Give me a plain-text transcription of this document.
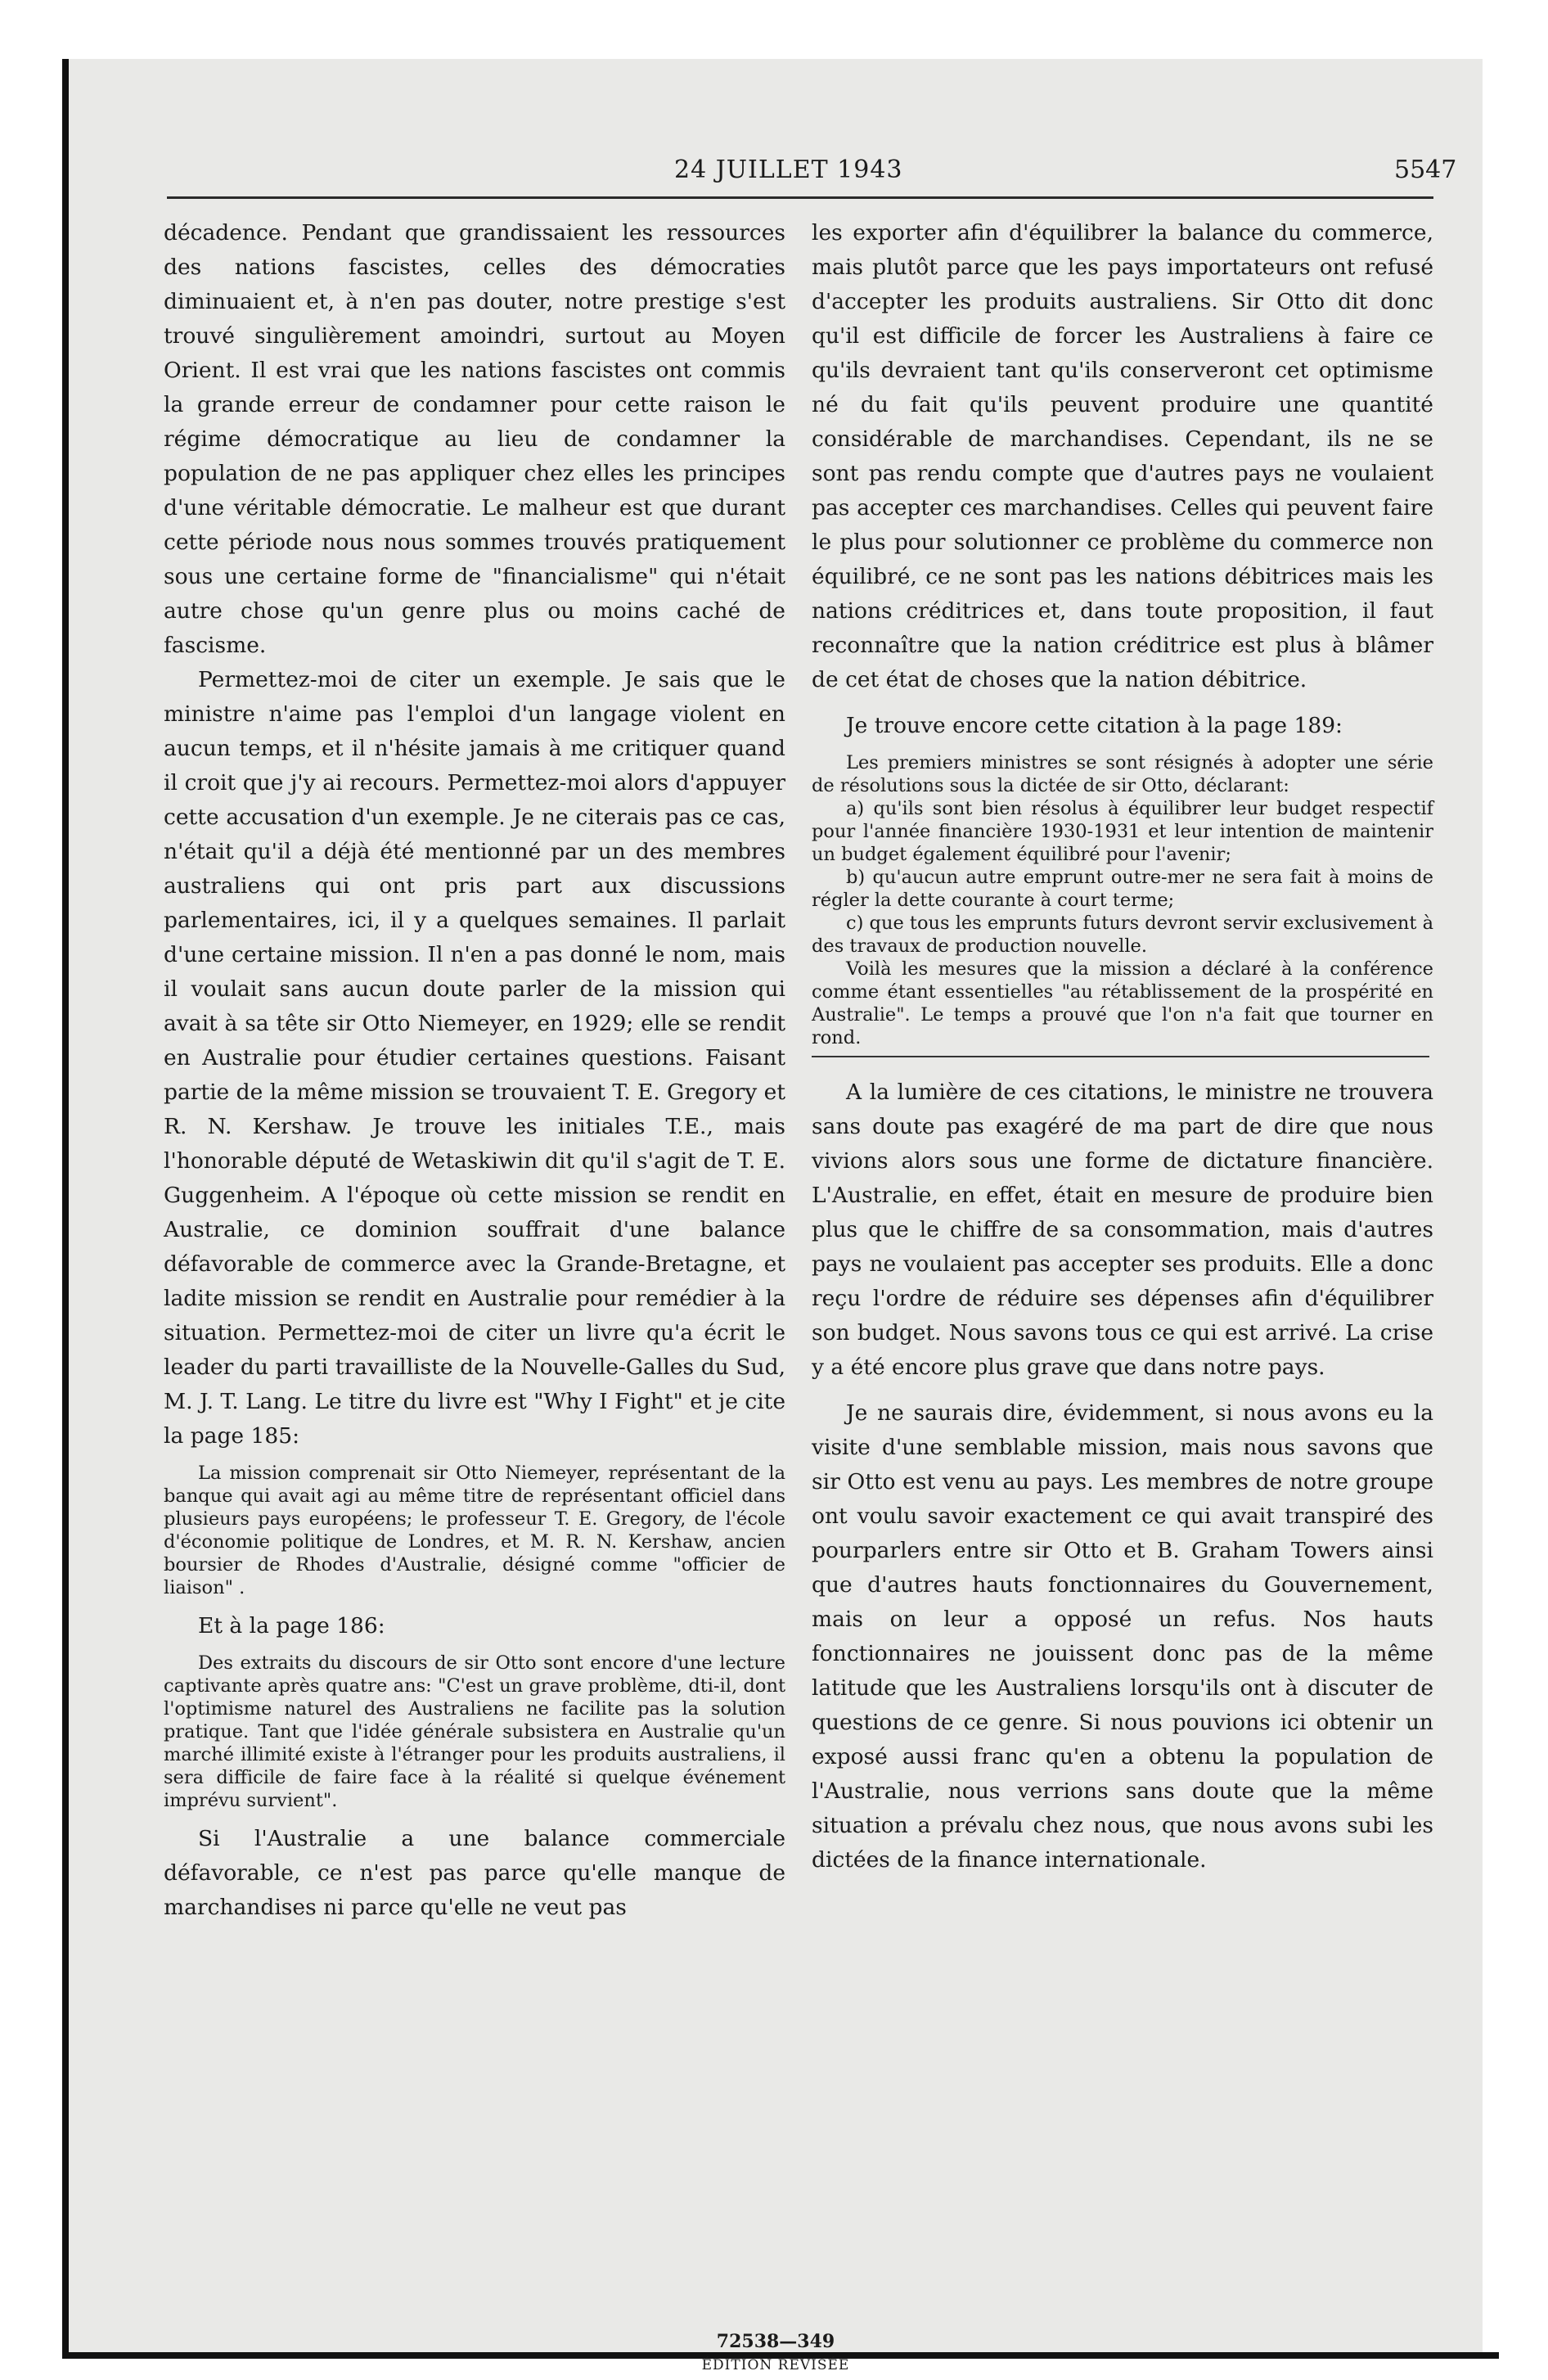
24 JUILLET 1943	5547

décadence. Pendant que grandissaient les ressources des nations fascistes, celles des démocraties diminuaient et, à n'en pas douter, notre prestige s'est trouvé singulièrement amoindri, surtout au Moyen Orient. Il est vrai que les nations fascistes ont commis la grande erreur de condamner pour cette raison le régime démocratique au lieu de condamner la population de ne pas appliquer chez elles les principes d'une véritable démocratie. Le malheur est que durant cette période nous nous sommes trouvés pratiquement sous une certaine forme de "financialisme" qui n'était autre chose qu'un genre plus ou moins caché de fascisme.

Permettez-moi de citer un exemple. Je sais que le ministre n'aime pas l'emploi d'un langage violent en aucun temps, et il n'hésite jamais à me critiquer quand il croit que j'y ai recours. Permettez-moi alors d'appuyer cette accusation d'un exemple. Je ne citerais pas ce cas, n'était qu'il a déjà été mentionné par un des membres australiens qui ont pris part aux discussions parlementaires, ici, il y a quelques semaines. Il parlait d'une certaine mission. Il n'en a pas donné le nom, mais il voulait sans aucun doute parler de la mission qui avait à sa tête sir Otto Niemeyer, en 1929; elle se rendit en Australie pour étudier certaines questions. Faisant partie de la même mission se trouvaient T. E. Gregory et R. N. Kershaw. Je trouve les initiales T.E., mais l'honorable député de Wetaskiwin dit qu'il s'agit de T. E. Guggenheim. A l'époque où cette mission se rendit en Australie, ce dominion souffrait d'une balance défavorable de commerce avec la Grande-Bretagne, et ladite mission se rendit en Australie pour remédier à la situation. Permettez-moi de citer un livre qu'a écrit le leader du parti travailliste de la Nouvelle-Galles du Sud, M. J. T. Lang. Le titre du livre est "Why I Fight" et je cite la page 185:

La mission comprenait sir Otto Niemeyer, représentant de la banque qui avait agi au même titre de représentant officiel dans plusieurs pays européens; le professeur T. E. Gregory, de l'école d'économie politique de Londres, et M. R. N. Kershaw, ancien boursier de Rhodes d'Australie, désigné comme "officier de liaison" .

Et à la page 186:

Des extraits du discours de sir Otto sont encore d'une lecture captivante après quatre ans: "C'est un grave problème, dti-il, dont l'optimisme naturel des Australiens ne facilite pas la solution pratique. Tant que l'idée générale subsistera en Australie qu'un marché illimité existe à l'étranger pour les produits australiens, il sera difficile de faire face à la réalité si quelque événement imprévu survient".

Si l'Australie a une balance commerciale défavorable, ce n'est pas parce qu'elle manque de marchandises ni parce qu'elle ne veut pas

les exporter afin d'équilibrer la balance du commerce, mais plutôt parce que les pays importateurs ont refusé d'accepter les produits australiens. Sir Otto dit donc qu'il est difficile de forcer les Australiens à faire ce qu'ils devraient tant qu'ils conserveront cet optimisme né du fait qu'ils peuvent produire une quantité considérable de marchandises. Cependant, ils ne se sont pas rendu compte que d'autres pays ne voulaient pas accepter ces marchandises. Celles qui peuvent faire le plus pour solutionner ce problème du commerce non équilibré, ce ne sont pas les nations débitrices mais les nations créditrices et, dans toute proposition, il faut reconnaître que la nation créditrice est plus à blâmer de cet état de choses que la nation débitrice.

Je trouve encore cette citation à la page 189:

Les premiers ministres se sont résignés à adopter une série de résolutions sous la dictée de sir Otto, déclarant:

a) qu'ils sont bien résolus à équilibrer leur budget respectif pour l'année financière 1930-1931 et leur intention de maintenir un budget également équilibré pour l'avenir;

b) qu'aucun autre emprunt outre-mer ne sera fait à moins de régler la dette courante à court terme;

c) que tous les emprunts futurs devront servir exclusivement à des travaux de production nouvelle.

Voilà les mesures que la mission a déclaré à la conférence comme étant essentielles "au rétablissement de la prospérité en Australie". Le temps a prouvé que l'on n'a fait que tourner en rond.

A la lumière de ces citations, le ministre ne trouvera sans doute pas exagéré de ma part de dire que nous vivions alors sous une forme de dictature financière. L'Australie, en effet, était en mesure de produire bien plus que le chiffre de sa consommation, mais d'autres pays ne voulaient pas accepter ses produits. Elle a donc reçu l'ordre de réduire ses dépenses afin d'équilibrer son budget. Nous savons tous ce qui est arrivé. La crise y a été encore plus grave que dans notre pays.

Je ne saurais dire, évidemment, si nous avons eu la visite d'une semblable mission, mais nous savons que sir Otto est venu au pays. Les membres de notre groupe ont voulu savoir exactement ce qui avait transpiré des pourparlers entre sir Otto et B. Graham Towers ainsi que d'autres hauts fonctionnaires du Gouvernement, mais on leur a opposé un refus. Nos hauts fonctionnaires ne jouissent donc pas de la même latitude que les Australiens lorsqu'ils ont à discuter de questions de ce genre. Si nous pouvions ici obtenir un exposé aussi franc qu'en a obtenu la population de l'Australie, nous verrions sans doute que la même situation a prévalu chez nous, que nous avons subi les dictées de la finance internationale.

72538—349
ÉDITION REVISÉE
